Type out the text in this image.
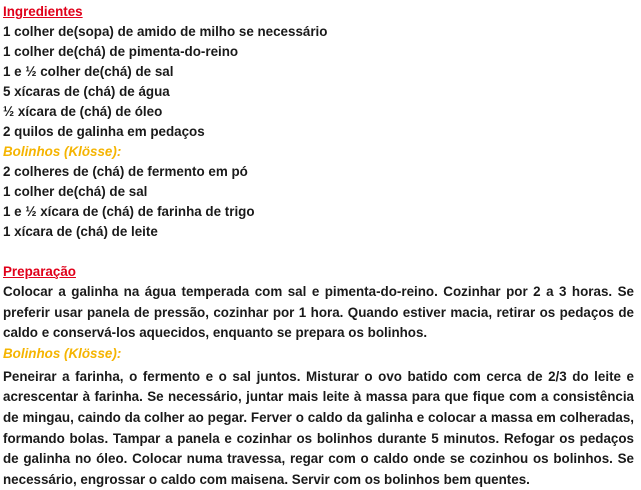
Ingredientes
1 colher de(sopa) de amido de milho se necessário
1 colher de(chá) de pimenta-do-reino
1 e ½ colher de(chá) de sal
5 xícaras de (chá) de água
½ xícara de (chá) de óleo
2 quilos de galinha em pedaços
Bolinhos (Klösse):
2 colheres de (chá) de fermento em pó
1 colher de(chá) de sal
1 e ½ xícara de (chá) de farinha de trigo
1 xícara de (chá) de leite
Preparação

Colocar a galinha na água temperada com sal e pimenta-do-reino. Cozinhar por 2 a 3 horas. Se preferir usar panela de pressão, cozinhar por 1 hora. Quando estiver macia, retirar os pedaços de caldo e conservá-los aquecidos, enquanto se prepara os bolinhos.

Bolinhos (Klösse):

Peneirar a farinha, o fermento e o sal juntos. Misturar o ovo batido com cerca de 2/3 do leite e acrescentar à farinha. Se necessário, juntar mais leite à massa para que fique com a consistência de mingau, caindo da colher ao pegar. Ferver o caldo da galinha e colocar a massa em colheradas, formando bolas. Tampar a panela e cozinhar os bolinhos durante 5 minutos. Refogar os pedaços de galinha no óleo. Colocar numa travessa, regar com o caldo onde se cozinhou os bolinhos. Se necessário, engrossar o caldo com maisena. Servir com os bolinhos bem quentes.
